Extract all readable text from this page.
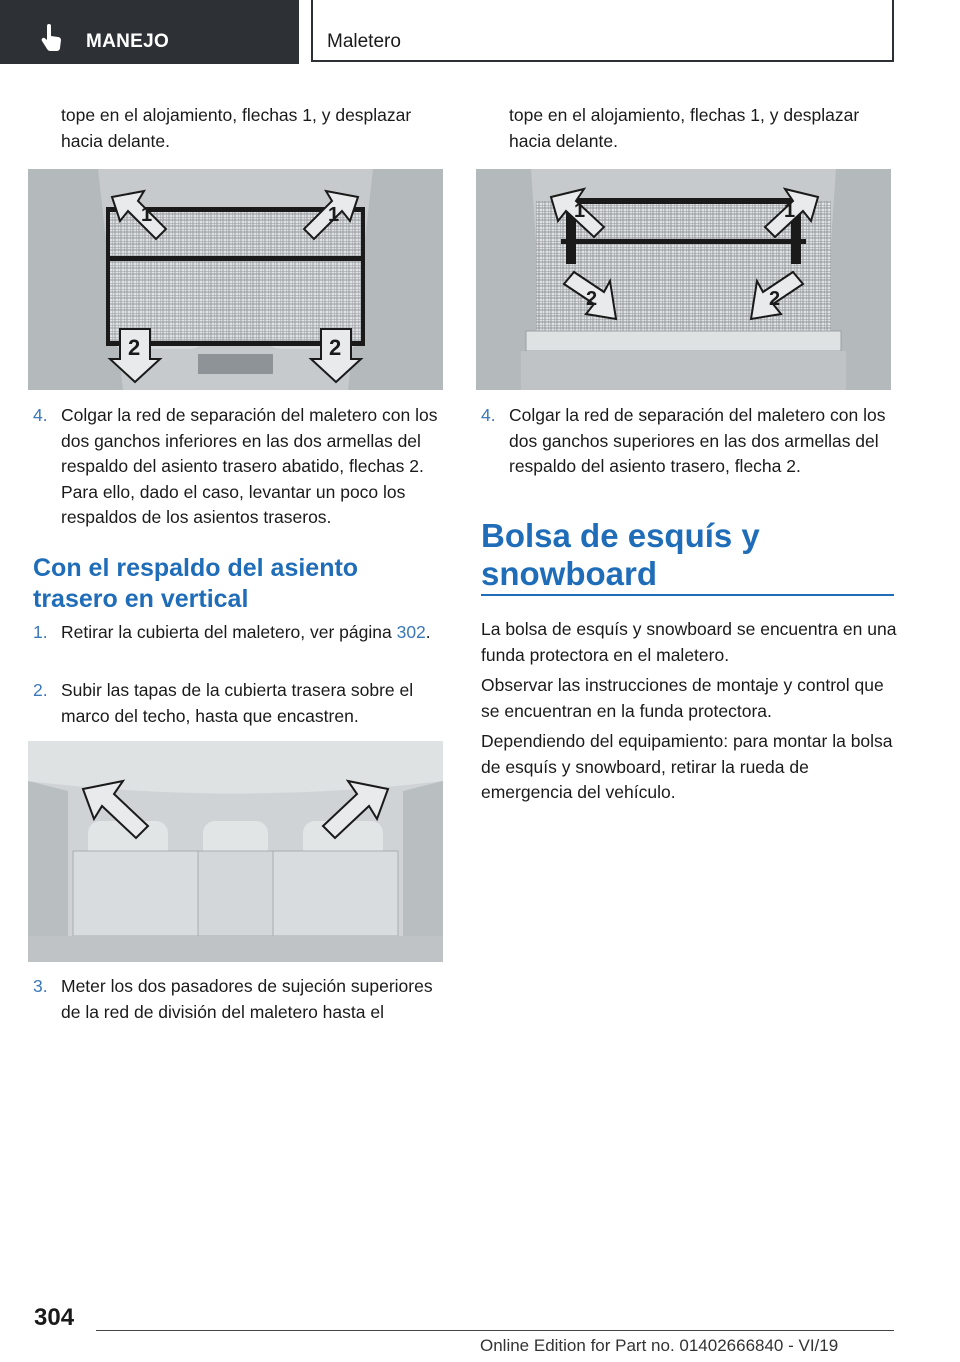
MANEJO	Maletero

tope en el alojamiento, flechas 1, y desplazar hacia delante.

1	1
2	2
4. Colgar la red de separación del maletero con los dos ganchos inferiores en las dos armellas del respaldo del asiento trasero abatido, flechas 2. Para ello, dado el caso, levantar un poco los respaldos de los asientos traseros.
Con el respaldo del asiento trasero en vertical
1. Retirar la cubierta del maletero, ver página 302.
2. Subir las tapas de la cubierta trasera sobre el marco del techo, hasta que encastren.
3. Meter los dos pasadores de sujeción superiores de la red de división del maletero hasta el

tope en el alojamiento, flechas 1, y desplazar hacia delante.

1	1
2	2
4. Colgar la red de separación del maletero con los dos ganchos superiores en las dos armellas del respaldo del asiento trasero, flecha 2.
Bolsa de esquís y snowboard

La bolsa de esquís y snowboard se encuentra en una funda protectora en el maletero.

Observar las instrucciones de montaje y control que se encuentran en la funda protectora.

Dependiendo del equipamiento: para montar la bolsa de esquís y snowboard, retirar la rueda de emergencia del vehículo.

304
Online Edition for Part no. 01402666840 - VI/19
